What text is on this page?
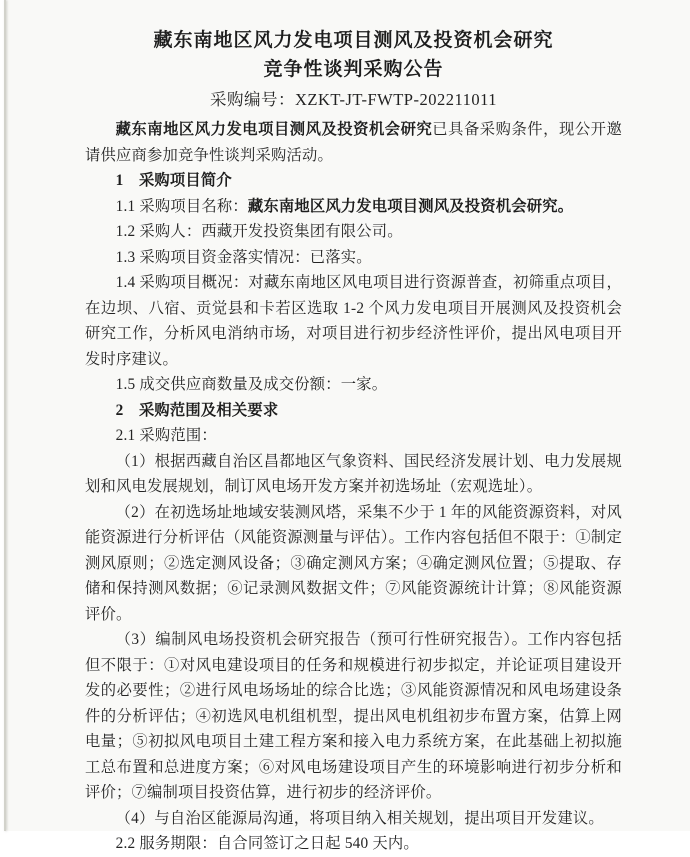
藏东南地区风力发电项目测风及投资机会研究
竞争性谈判采购公告
采购编号：XZKT-JT-FWTP-202211011

藏东南地区风力发电项目测风及投资机会研究已具备采购条件，现公开邀请供应商参加竞争性谈判采购活动。

1　采购项目简介

1.1 采购项目名称：藏东南地区风力发电项目测风及投资机会研究。

1.2 采购人：西藏开发投资集团有限公司。

1.3 采购项目资金落实情况：已落实。

1.4 采购项目概况：对藏东南地区风电项目进行资源普查，初筛重点项目，在边坝、八宿、贡觉县和卡若区选取 1-2 个风力发电项目开展测风及投资机会研究工作，分析风电消纳市场，对项目进行初步经济性评价，提出风电项目开发时序建议。

1.5 成交供应商数量及成交份额：一家。

2　采购范围及相关要求

2.1 采购范围：

（1）根据西藏自治区昌都地区气象资料、国民经济发展计划、电力发展规划和风电发展规划，制订风电场开发方案并初选场址（宏观选址）。

（2）在初选场址地域安装测风塔，采集不少于 1 年的风能资源资料，对风能资源进行分析评估（风能资源测量与评估）。工作内容包括但不限于：①制定测风原则；②选定测风设备；③确定测风方案；④确定测风位置；⑤提取、存储和保持测风数据；⑥记录测风数据文件；⑦风能资源统计计算；⑧风能资源评价。

（3）编制风电场投资机会研究报告（预可行性研究报告）。工作内容包括但不限于：①对风电建设项目的任务和规模进行初步拟定，并论证项目建设开发的必要性；②进行风电场场址的综合比选；③风能资源情况和风电场建设条件的分析评估；④初选风电机组机型，提出风电机组初步布置方案，估算上网电量；⑤初拟风电项目土建工程方案和接入电力系统方案，在此基础上初拟施工总布置和总进度方案；⑥对风电场建设项目产生的环境影响进行初步分析和评价；⑦编制项目投资估算，进行初步的经济评价。

（4）与自治区能源局沟通，将项目纳入相关规划，提出项目开发建议。

2.2 服务期限：自合同签订之日起 540 天内。
